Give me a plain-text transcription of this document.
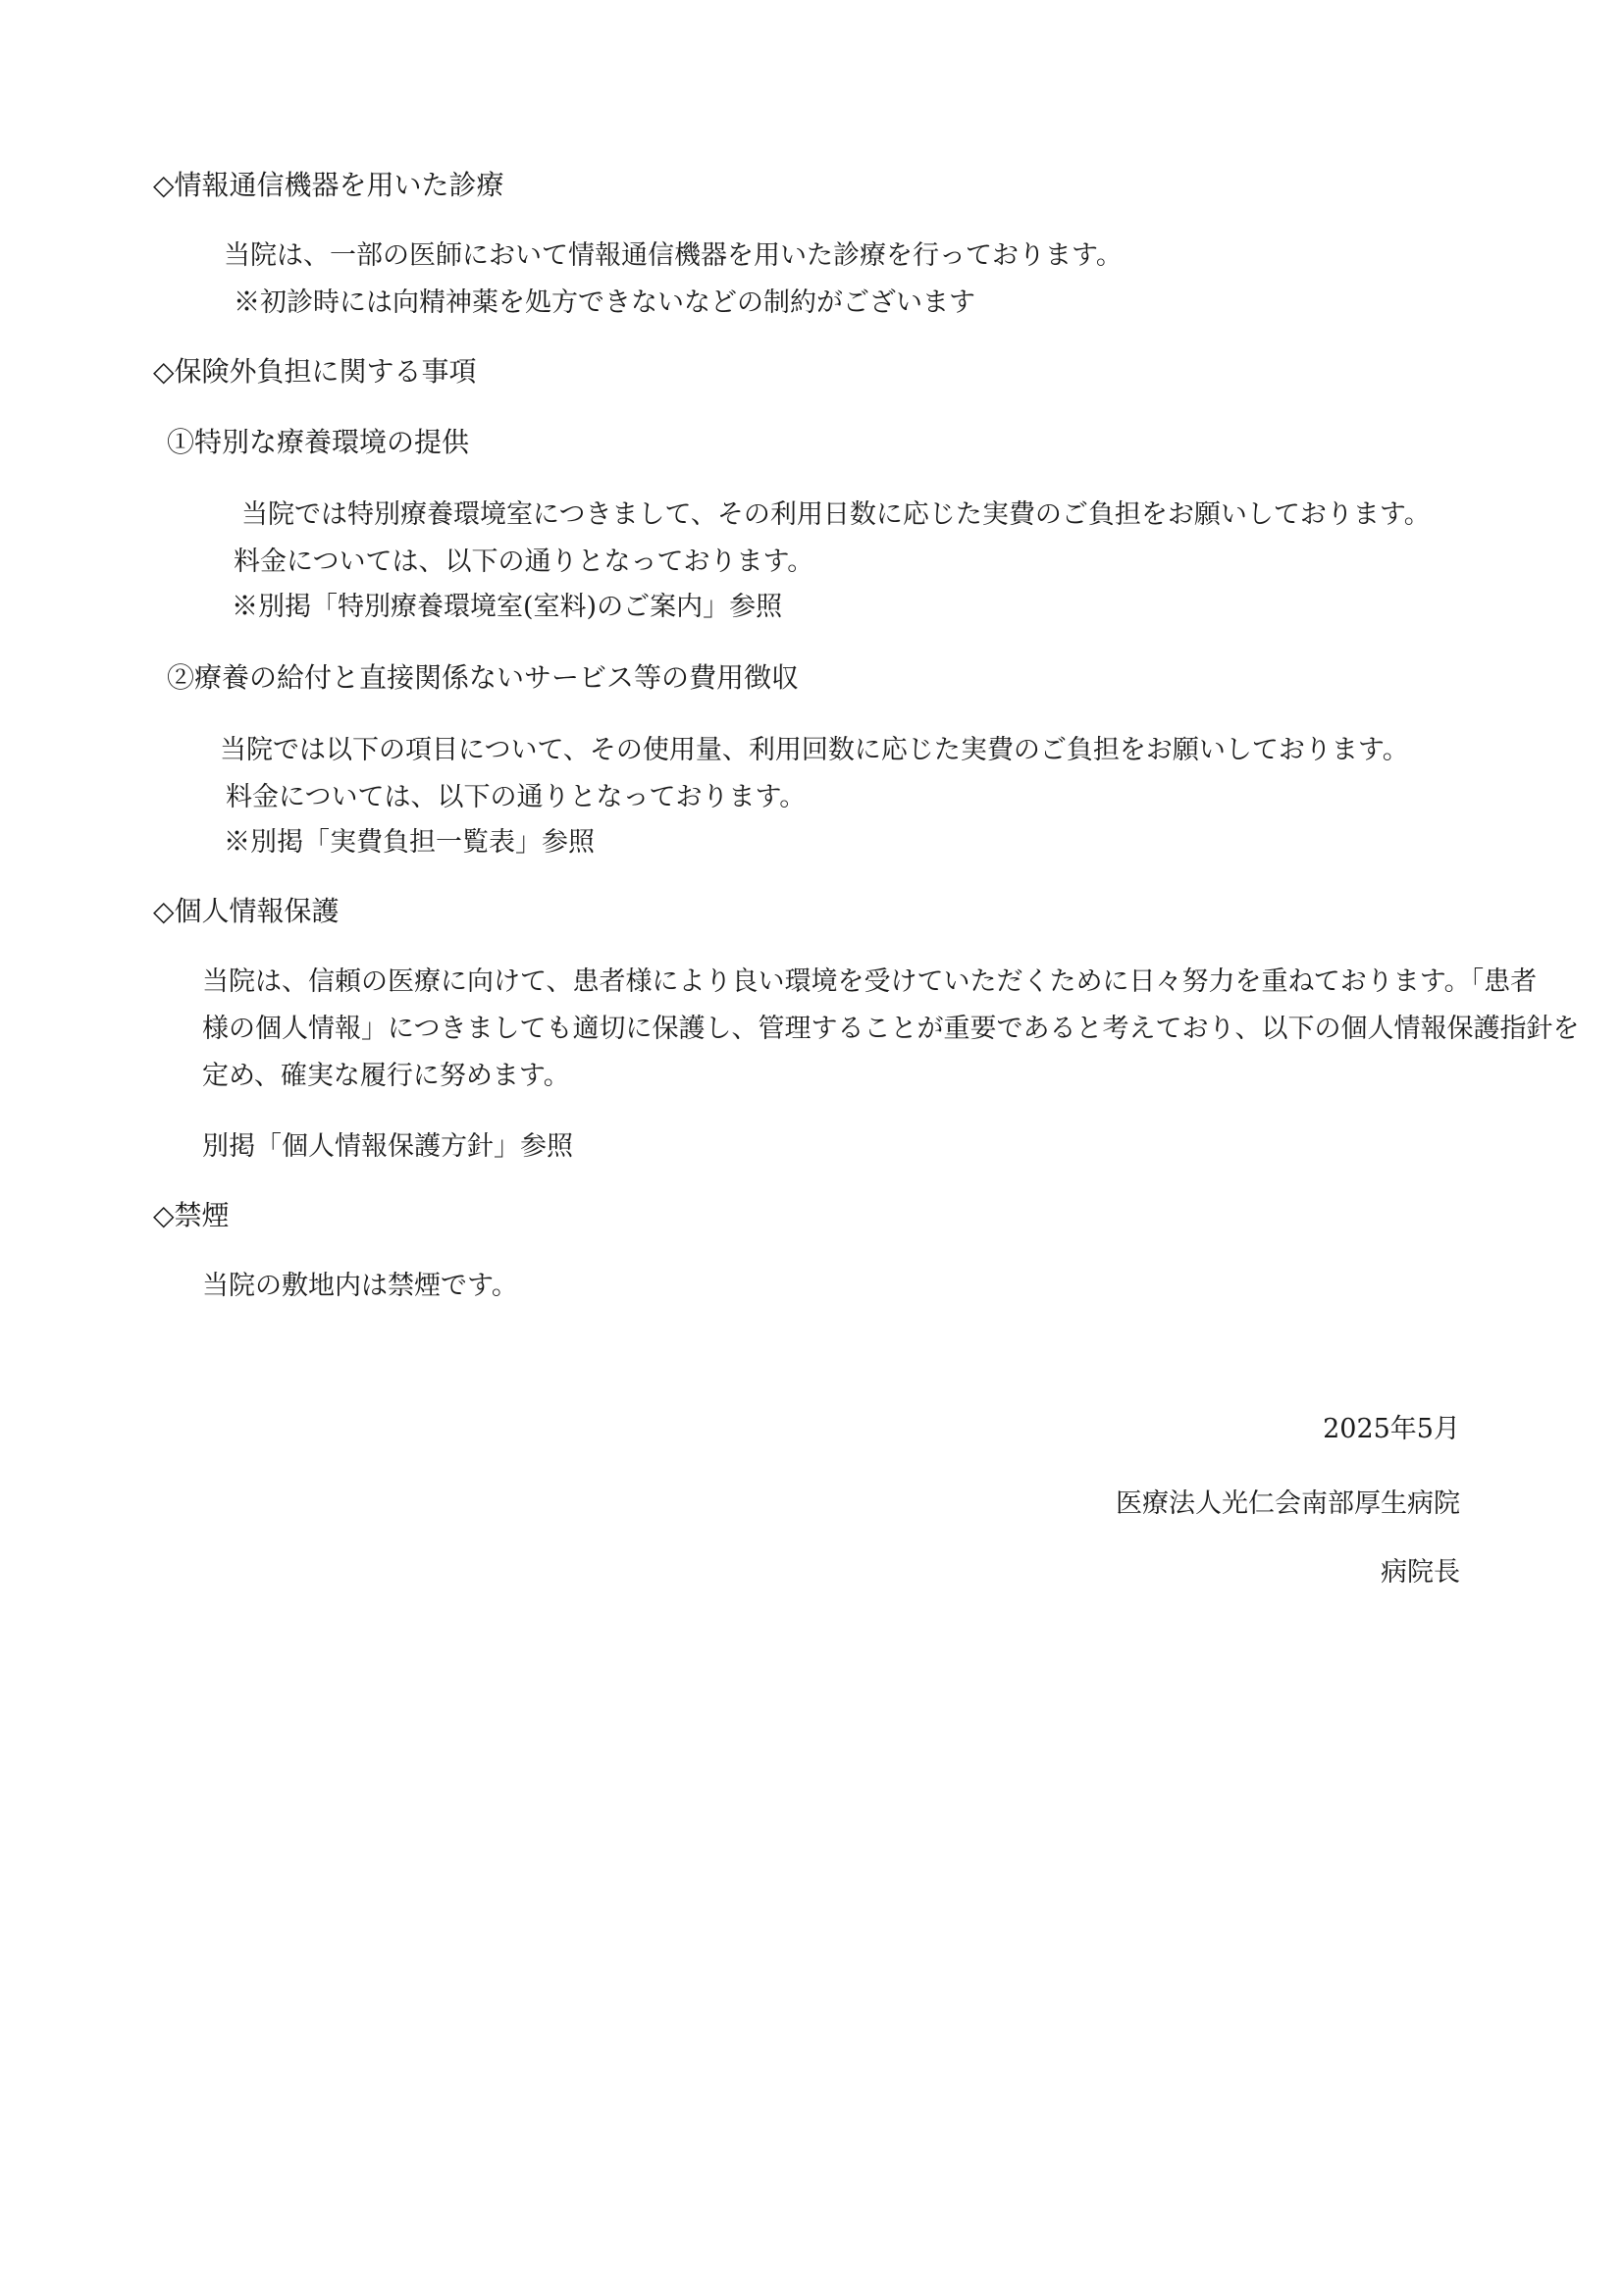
◇情報通信機器を用いた診療
当院は、一部の医師において情報通信機器を用いた診療を行っております。
※初診時には向精神薬を処方できないなどの制約がございます
◇保険外負担に関する事項
①特別な療養環境の提供
当院では特別療養環境室につきまして、その利用日数に応じた実費のご負担をお願いしております。
料金については、以下の通りとなっております。
※別掲「特別療養環境室(室料)のご案内」参照
②療養の給付と直接関係ないサービス等の費用徴収
当院では以下の項目について、その使用量、利用回数に応じた実費のご負担をお願いしております。
料金については、以下の通りとなっております。
※別掲「実費負担一覧表」参照
◇個人情報保護
当院は、信頼の医療に向けて、患者様により良い環境を受けていただくために日々努力を重ねております。「患者
様の個人情報」につきましても適切に保護し、管理することが重要であると考えており、以下の個人情報保護指針を
定め、確実な履行に努めます。
別掲「個人情報保護方針」参照
◇禁煙
当院の敷地内は禁煙です。
2025年5月
医療法人光仁会南部厚生病院
病院長
